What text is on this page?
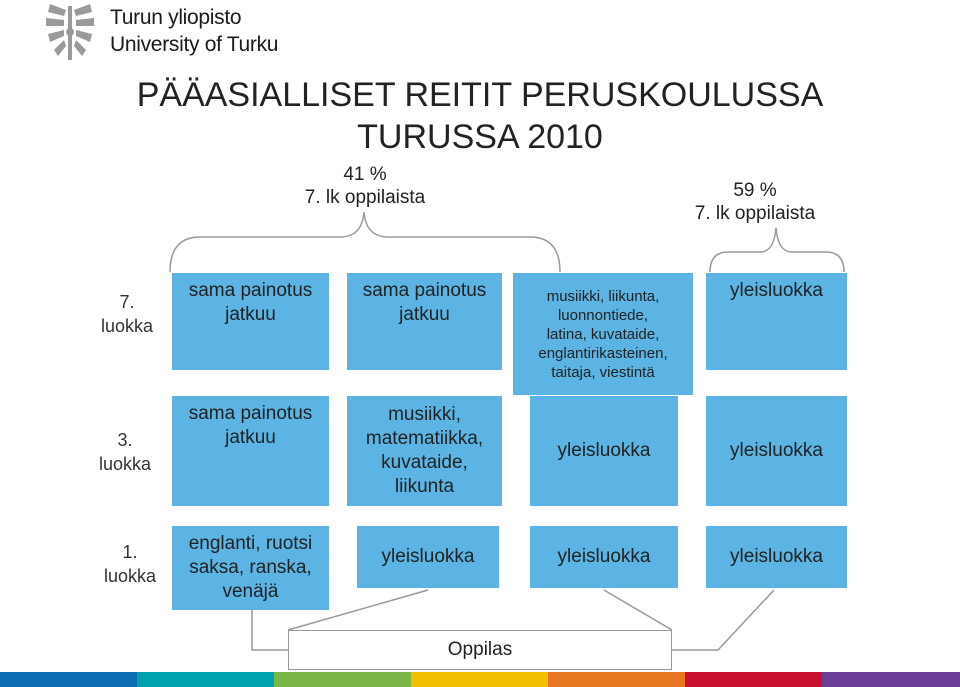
Turun yliopisto
University of Turku
PÄÄASIALLISET REITIT PERUSKOULUSSA
TURUSSA 2010
41 %
7. lk oppilaista	59 %
7. lk oppilaista
7.
luokka
3.
luokka
1.
luokka
sama painotus
jatkuu
sama painotus
jatkuu
musiikki, liikunta,
luonnontiede,
latina, kuvataide,
englantirikasteinen,
taitaja, viestintä
yleisluokka
sama painotus
jatkuu
musiikki,
matematiikka,
kuvataide,
liikunta
yleisluokka	yleisluokka
englanti, ruotsi
saksa, ranska,
venäjä
yleisluokka	yleisluokka	yleisluokka
Oppilas
